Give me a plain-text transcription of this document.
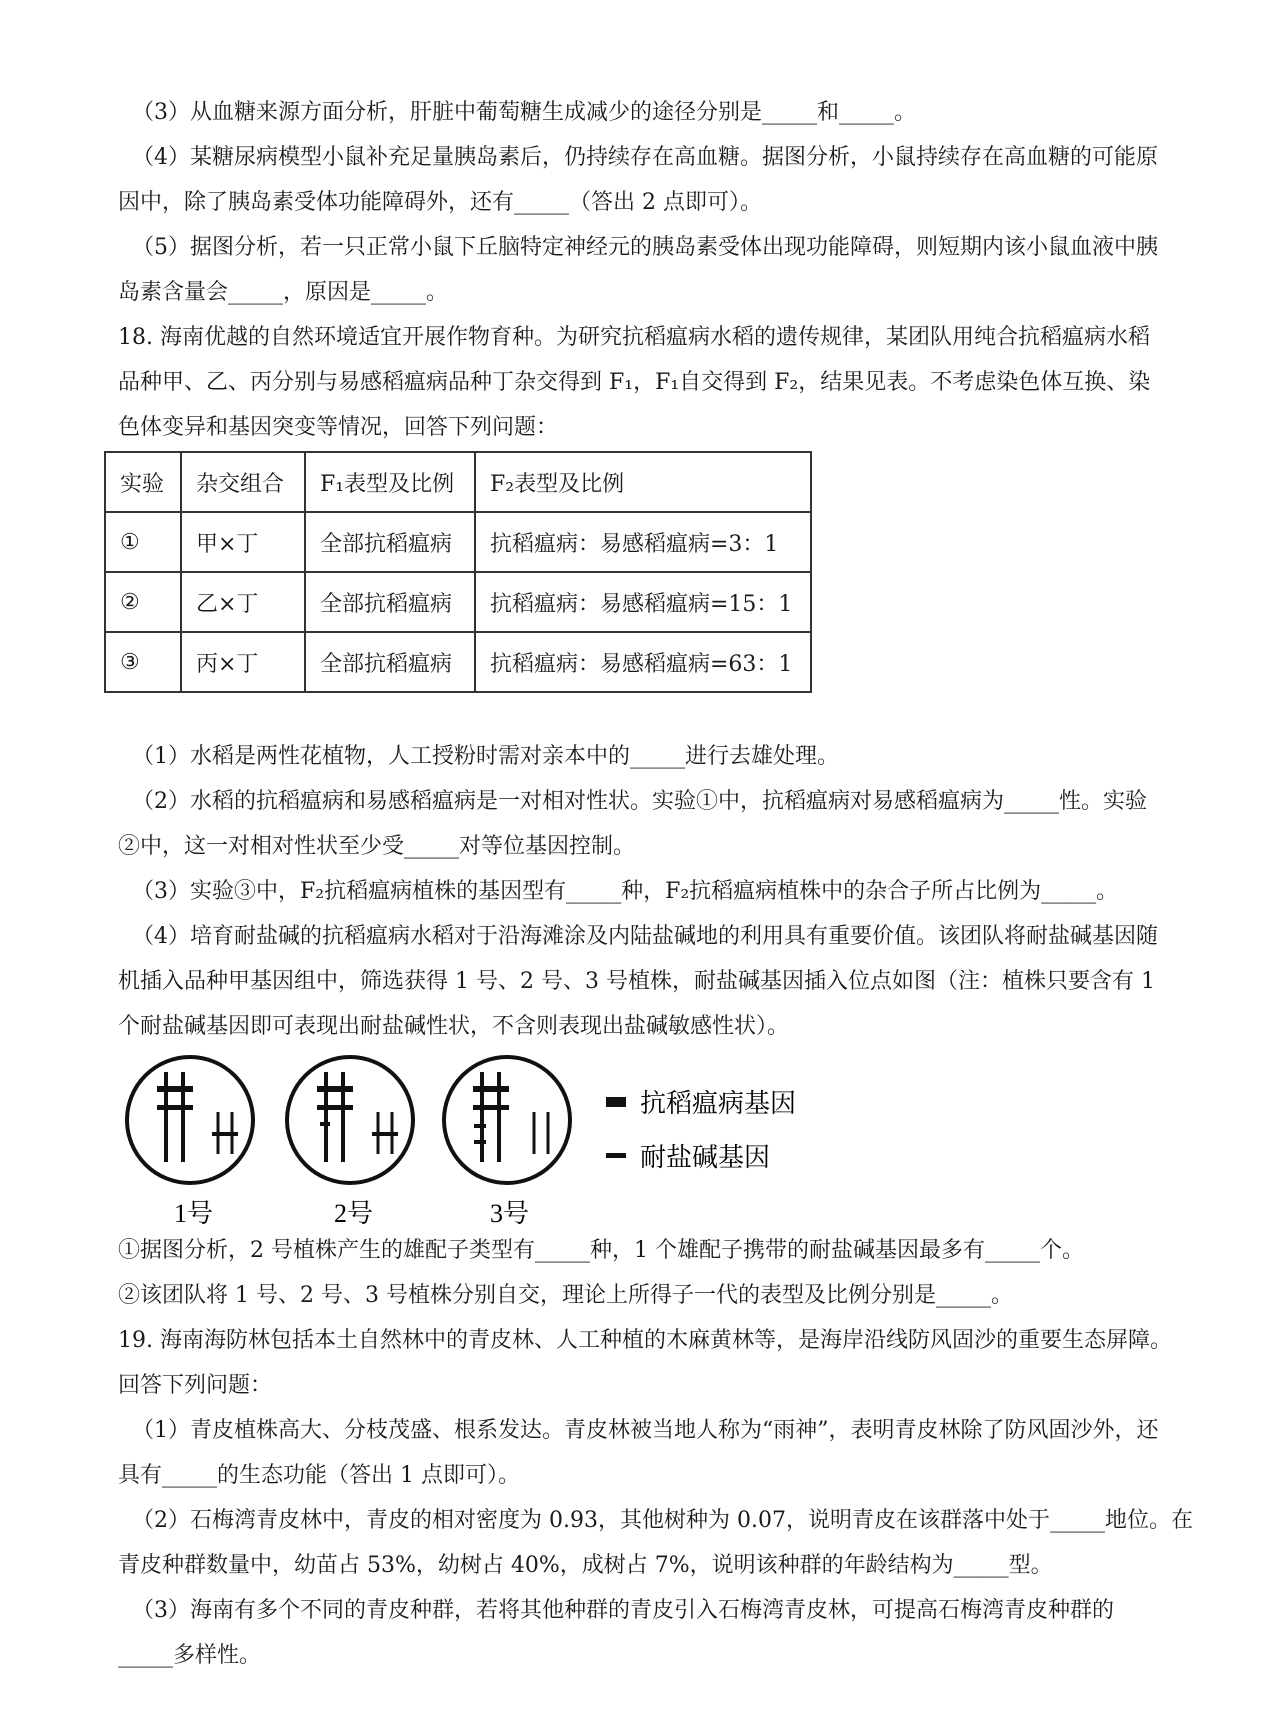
（3）从血糖来源方面分析，肝脏中葡萄糖生成减少的途径分别是_____和_____。
（4）某糖尿病模型小鼠补充足量胰岛素后，仍持续存在高血糖。据图分析，小鼠持续存在高血糖的可能原
因中，除了胰岛素受体功能障碍外，还有_____（答出 2 点即可）。
（5）据图分析，若一只正常小鼠下丘脑特定神经元的胰岛素受体出现功能障碍，则短期内该小鼠血液中胰
岛素含量会_____，原因是_____。
18. 海南优越的自然环境适宜开展作物育种。为研究抗稻瘟病水稻的遗传规律，某团队用纯合抗稻瘟病水稻
品种甲、乙、丙分别与易感稻瘟病品种丁杂交得到 F₁，F₁自交得到 F₂，结果见表。不考虑染色体互换、染
色体变异和基因突变等情况，回答下列问题：
实验	杂交组合	F₁表型及比例	F₂表型及比例
①	甲×丁	全部抗稻瘟病	抗稻瘟病：易感稻瘟病=3：1
②	乙×丁	全部抗稻瘟病	抗稻瘟病：易感稻瘟病=15：1
③	丙×丁	全部抗稻瘟病	抗稻瘟病：易感稻瘟病=63：1
（1）水稻是两性花植物，人工授粉时需对亲本中的_____进行去雄处理。
（2）水稻的抗稻瘟病和易感稻瘟病是一对相对性状。实验①中，抗稻瘟病对易感稻瘟病为_____性。实验
②中，这一对相对性状至少受_____对等位基因控制。
（3）实验③中，F₂抗稻瘟病植株的基因型有_____种，F₂抗稻瘟病植株中的杂合子所占比例为_____。
（4）培育耐盐碱的抗稻瘟病水稻对于沿海滩涂及内陆盐碱地的利用具有重要价值。该团队将耐盐碱基因随
机插入品种甲基因组中，筛选获得 1 号、2 号、3 号植株，耐盐碱基因插入位点如图（注：植株只要含有 1
个耐盐碱基因即可表现出耐盐碱性状，不含则表现出盐碱敏感性状）。
1号	2号	3号
抗稻瘟病基因
耐盐碱基因
①据图分析，2 号植株产生的雄配子类型有_____种，1 个雄配子携带的耐盐碱基因最多有_____个。
②该团队将 1 号、2 号、3 号植株分别自交，理论上所得子一代的表型及比例分别是_____。
19. 海南海防林包括本土自然林中的青皮林、人工种植的木麻黄林等，是海岸沿线防风固沙的重要生态屏障。
回答下列问题：
（1）青皮植株高大、分枝茂盛、根系发达。青皮林被当地人称为“雨神”，表明青皮林除了防风固沙外，还
具有_____的生态功能（答出 1 点即可）。
（2）石梅湾青皮林中，青皮的相对密度为 0.93，其他树种为 0.07，说明青皮在该群落中处于_____地位。在
青皮种群数量中，幼苗占 53%，幼树占 40%，成树占 7%，说明该种群的年龄结构为_____型。
（3）海南有多个不同的青皮种群，若将其他种群的青皮引入石梅湾青皮林，可提高石梅湾青皮种群的
_____多样性。
